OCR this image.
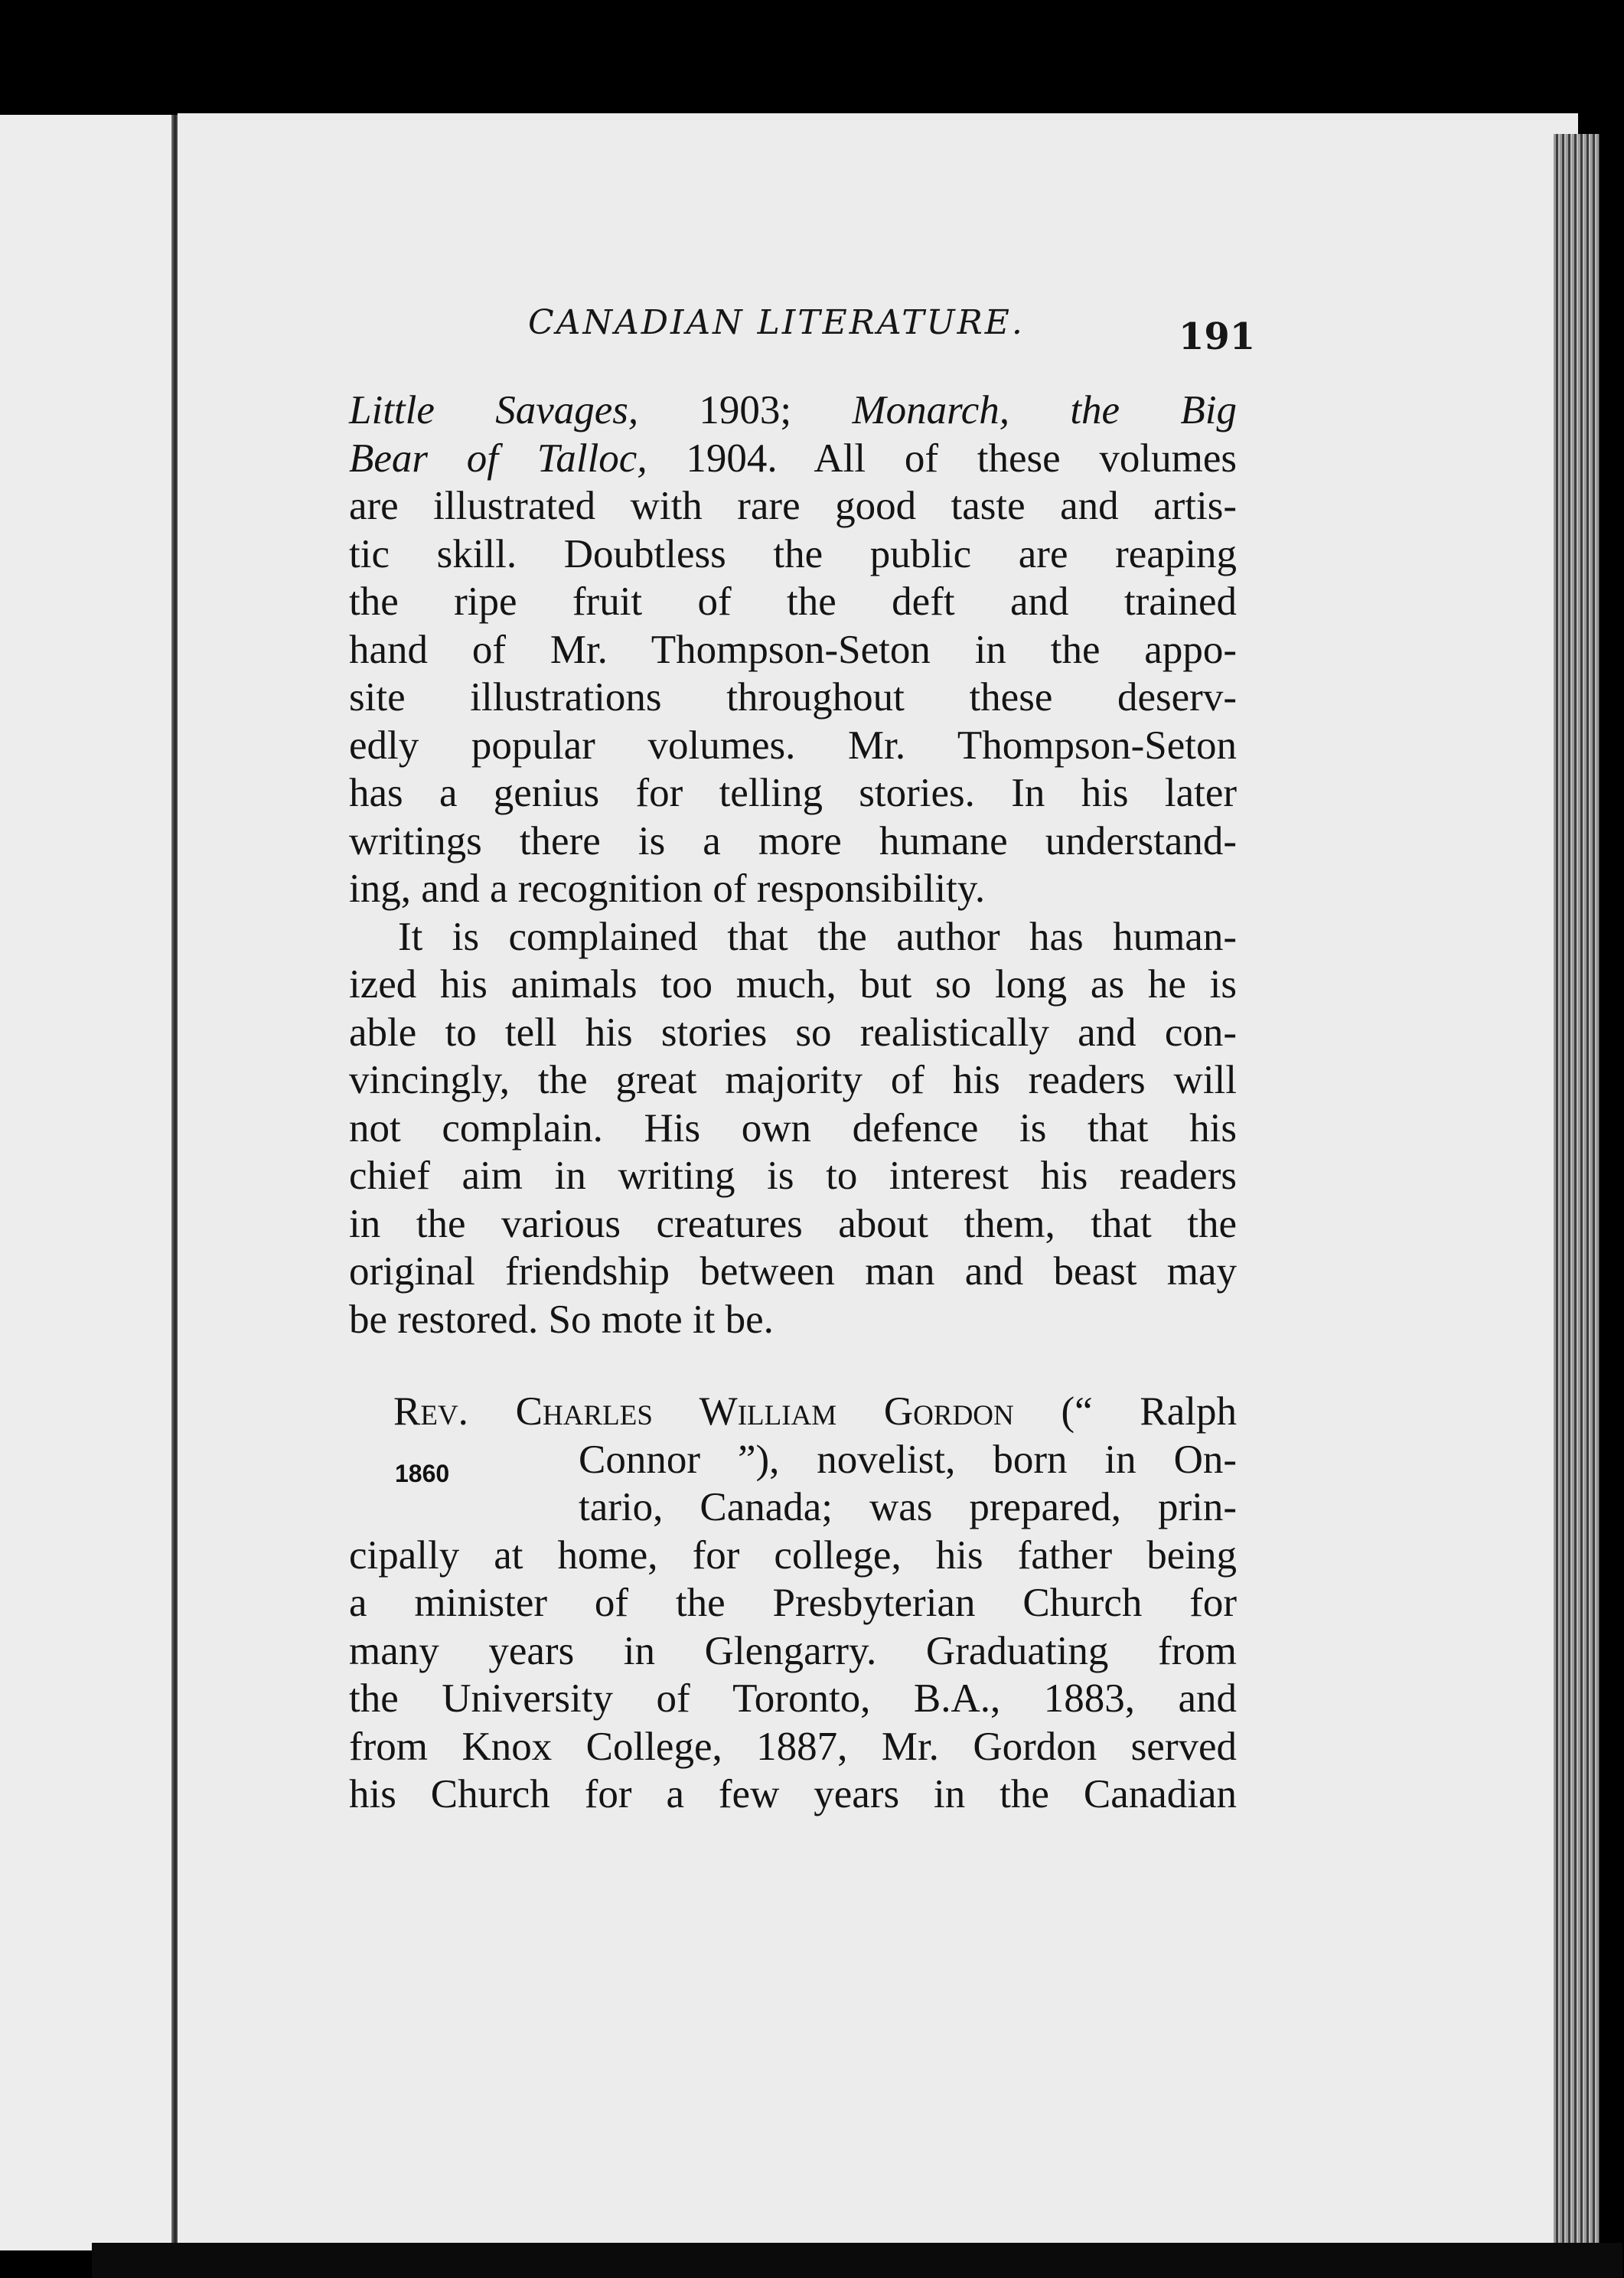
CANADIAN LITERATURE.	191
Little Savages, 1903; Monarch, the Big
Bear of Talloc, 1904. All of these volumes
are illustrated with rare good taste and artis-
tic skill. Doubtless the public are reaping
the ripe fruit of the deft and trained
hand of Mr. Thompson-Seton in the appo-
site illustrations throughout these deserv-
edly popular volumes. Mr. Thompson-Seton
has a genius for telling stories. In his later
writings there is a more humane understand-
ing, and a recognition of responsibility.
It is complained that the author has human-
ized his animals too much, but so long as he is
able to tell his stories so realistically and con-
vincingly, the great majority of his readers will
not complain. His own defence is that his
chief aim in writing is to interest his readers
in the various creatures about them, that the
original friendship between man and beast may
be restored. So mote it be.
Rev. Charles William Gordon (“ Ralph
1860	Connor ”), novelist, born in On-
tario, Canada; was prepared, prin-
cipally at home, for college, his father being
a minister of the Presbyterian Church for
many years in Glengarry. Graduating from
the University of Toronto, B.A., 1883, and
from Knox College, 1887, Mr. Gordon served
his Church for a few years in the Canadian
